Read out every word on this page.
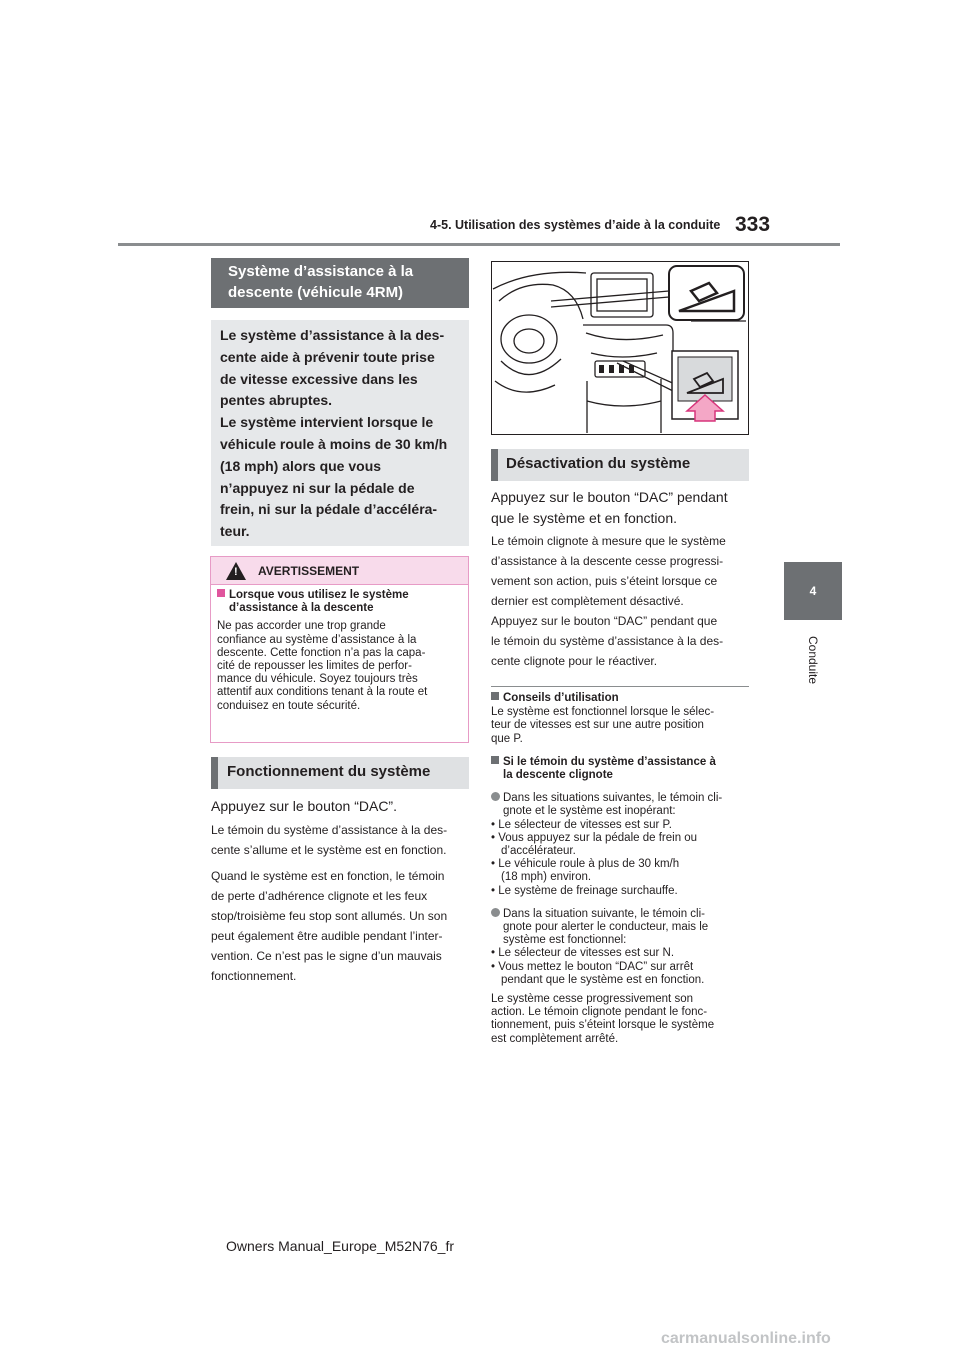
4-5. Utilisation des systèmes d’aide à la conduite 333
4
Conduite
Système d’assistance à la
descente (véhicule 4RM)
Le système d’assistance à la des-
cente aide à prévenir toute prise
de vitesse excessive dans les
pentes abruptes.
Le système intervient lorsque le
véhicule roule à moins de 30 km/h
(18 mph) alors que vous
n’appuyez ni sur la pédale de
frein, ni sur la pédale d’accéléra-
teur.
!
AVERTISSEMENT
Lorsque vous utilisez le système
d’assistance à la descente
Ne pas accorder une trop grande
confiance au système d’assistance à la
descente. Cette fonction n’a pas la capa-
cité de repousser les limites de perfor-
mance du véhicule. Soyez toujours très
attentif aux conditions tenant à la route et
conduisez en toute sécurité.
Fonctionnement du système
Appuyez sur le bouton “DAC”.
Le témoin du système d’assistance à la des-
cente s’allume et le système est en fonction.
Quand le système est en fonction, le témoin
de perte d’adhérence clignote et les feux
stop/troisième feu stop sont allumés. Un son
peut également être audible pendant l’inter-
vention. Ce n’est pas le signe d’un mauvais
fonctionnement.
Désactivation du système
Appuyez sur le bouton “DAC” pendant
que le système et en fonction.
Le témoin clignote à mesure que le système
d’assistance à la descente cesse progressi-
vement son action, puis s’éteint lorsque ce
dernier est complètement désactivé.
Appuyez sur le bouton “DAC” pendant que
le témoin du système d’assistance à la des-
cente clignote pour le réactiver.
Conseils d’utilisation
Le système est fonctionnel lorsque le sélec-
teur de vitesses est sur une autre position
que P.
Si le témoin du système d’assistance à
la descente clignote
Dans les situations suivantes, le témoin cli-
gnote et le système est inopérant:
• Le sélecteur de vitesses est sur P.
• Vous appuyez sur la pédale de frein ou
d’accélérateur.
• Le véhicule roule à plus de 30 km/h
(18 mph) environ.
• Le système de freinage surchauffe.
Dans la situation suivante, le témoin cli-
gnote pour alerter le conducteur, mais le
système est fonctionnel:
• Le sélecteur de vitesses est sur N.
• Vous mettez le bouton “DAC” sur arrêt
pendant que le système est en fonction.
Le système cesse progressivement son
action. Le témoin clignote pendant le fonc-
tionnement, puis s’éteint lorsque le système
est complètement arrêté.
Owners Manual_Europe_M52N76_fr
carmanualsonline.info
